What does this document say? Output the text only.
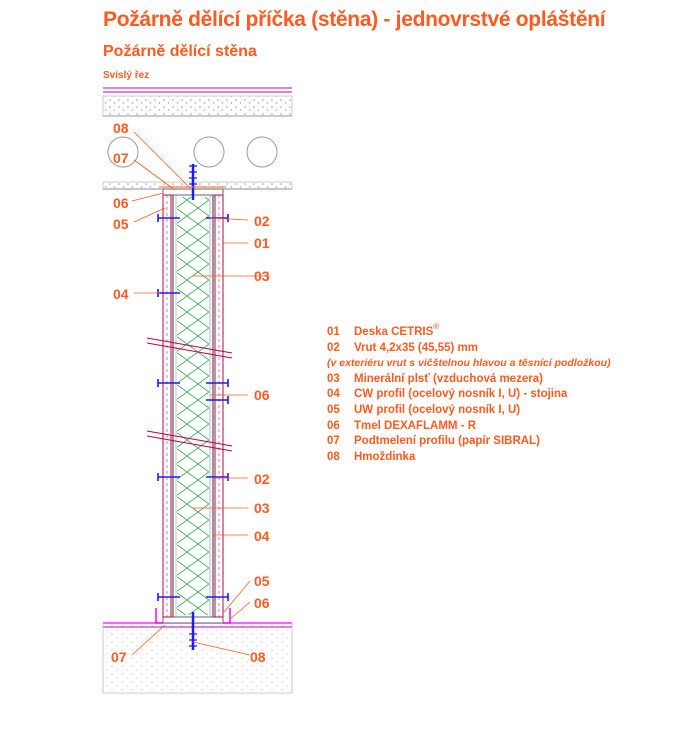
Požárně dělící příčka (stěna) - jednovrstvé opláštění
Požárně dělící stěna
Svislý řez
08
07
06
05	02
01
03
04
06
02
03
04
05
06
07	08
01 Deska CETRIS®
02 Vrut 4,2x35 (45,55) mm
(v exteriéru vrut s vičštelnou hlavou a těsnící podložkou)
03 Minerální plsť (vzduchová mezera)
04 CW profil (ocelový nosník I, U) - stojina
05 UW profil (ocelový nosník I, U)
06 Tmel DEXAFLAMM - R
07 Podtmelení profilu (papír SIBRAL)
08 Hmoždinka
